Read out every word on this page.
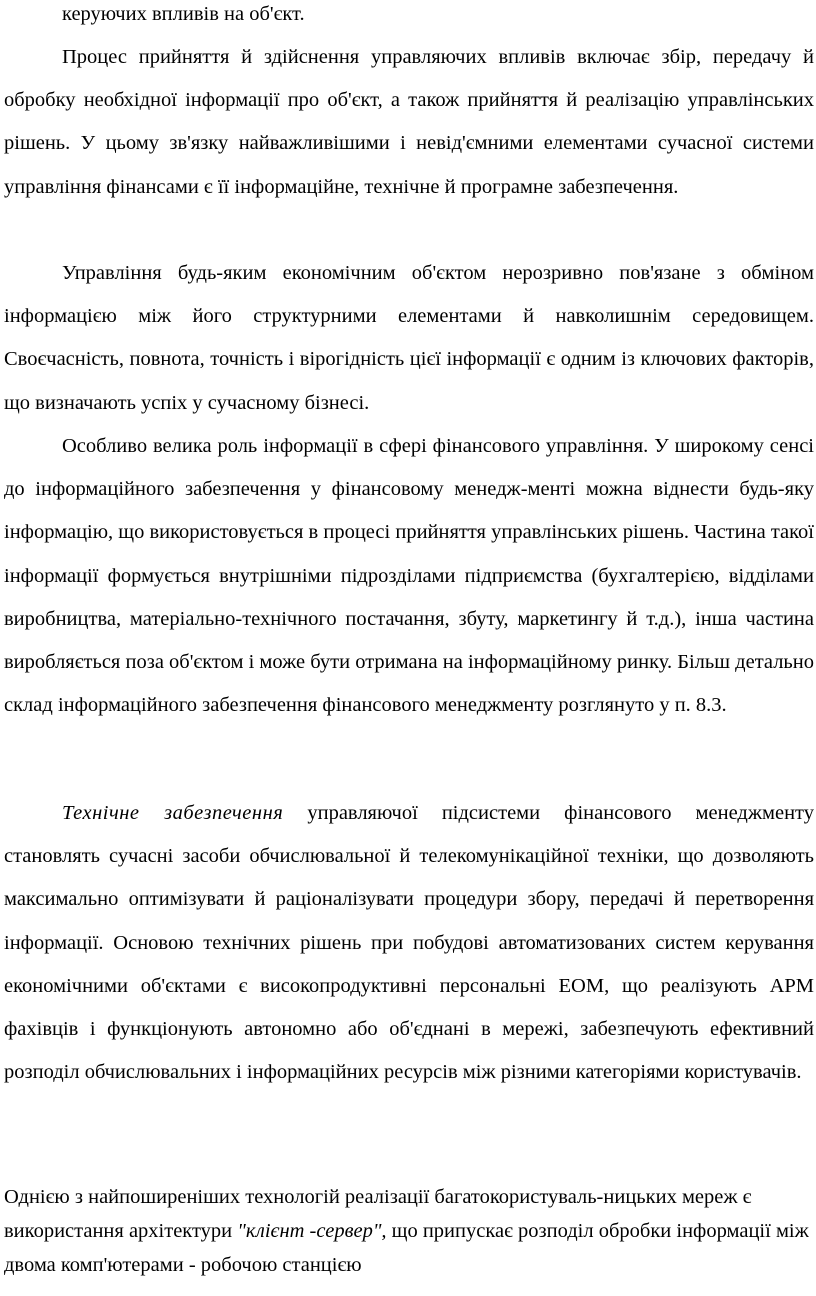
керуючих впливів на об'єкт.

Процес прийняття й здійснення управляючих впливів включає збір, передачу й обробку необхідної інформації про об'єкт, а також прийняття й реалізацію управлінських рішень. У цьому зв'язку найважливішими і невід'ємними елементами сучасної системи управління фінансами є її інформаційне, технічне й програмне забезпечення.

Управління будь-яким економічним об'єктом нерозривно пов'язане з обміном інформацією між його структурними елементами й навколишнім середовищем. Своєчасність, повнота, точність і вірогідність цієї інформації є одним із ключових факторів, що визначають успіх у сучасному бізнесі.

Особливо велика роль інформації в сфері фінансового управління. У широкому сенсі до інформаційного забезпечення у фінансовому менедж-менті можна віднести будь-яку інформацію, що використовується в процесі прийняття управлінських рішень. Частина такої інформації формується внутрішніми підрозділами підприємства (бухгалтерією, відділами виробництва, матеріально-технічного постачання, збуту, маркетингу й т.д.), інша частина виробляється поза об'єктом і може бути отримана на інформаційному ринку. Більш детально склад інформаційного забезпечення фінансового менеджменту розглянуто у п. 8.3.

Технічне забезпечення управляючої підсистеми фінансового менеджменту становлять сучасні засоби обчислювальної й телекомунікаційної техніки, що дозволяють максимально оптимізувати й раціоналізувати процедури збору, передачі й перетворення інформації. Основою технічних рішень при побудові автоматизованих систем керування економічними об'єктами є високопродуктивні персональні ЕОМ, що реалізують АРМ фахівців і функціонують автономно або об'єднані в мережі, забезпечують ефективний розподіл обчислювальних і інформаційних ресурсів між різними категоріями користувачів.

Однією з найпоширеніших технологій реалізації багатокористуваль-ницьких мереж є використання архітектури "клієнт -сервер", що припускає розподіл обробки інформації між двома комп'ютерами - робочою станцією
